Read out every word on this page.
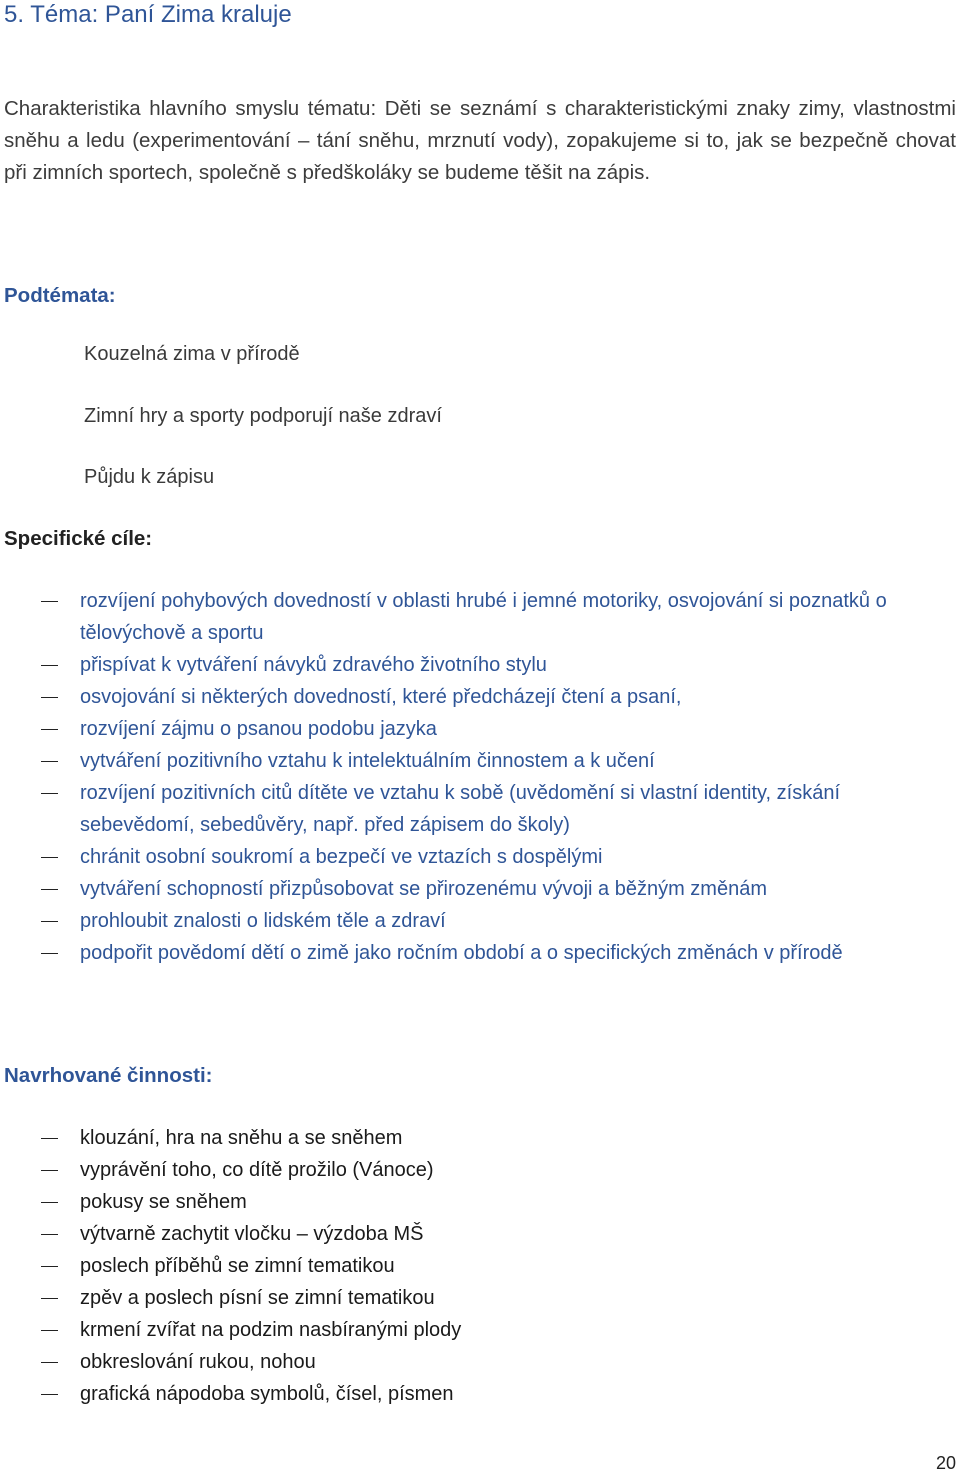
5. Téma: Paní Zima kraluje
Charakteristika hlavního smyslu tématu: Děti se seznámí s charakteristickými znaky zimy, vlastnostmi sněhu a ledu (experimentování – tání sněhu, mrznutí vody), zopakujeme si to, jak se bezpečně chovat při zimních sportech, společně s předškoláky se budeme těšit na zápis.
Podtémata:
Kouzelná zima v přírodě
Zimní hry a sporty podporují naše zdraví
Půjdu k zápisu
Specifické cíle:
rozvíjení pohybových dovedností v oblasti hrubé i jemné motoriky, osvojování si poznatků o tělovýchově a sportu
přispívat k vytváření návyků zdravého životního stylu
osvojování si některých dovedností, které předcházejí čtení a psaní,
rozvíjení zájmu o psanou podobu jazyka
vytváření pozitivního vztahu k intelektuálním činnostem a k učení
rozvíjení pozitivních citů dítěte ve vztahu k sobě (uvědomění si vlastní identity, získání sebevědomí, sebedůvěry, např. před zápisem do školy)
chránit osobní soukromí a bezpečí ve vztazích s dospělými
vytváření schopností přizpůsobovat se přirozenému vývoji a běžným změnám
prohloubit znalosti o lidském těle a zdraví
podpořit povědomí dětí o zimě jako ročním období a o specifických změnách v přírodě
Navrhované činnosti:
klouzání, hra na sněhu a se sněhem
vyprávění toho, co dítě prožilo (Vánoce)
pokusy se sněhem
výtvarně zachytit vločku – výzdoba MŠ
poslech příběhů se zimní tematikou
zpěv a poslech písní se zimní tematikou
krmení zvířat na podzim nasbíranými plody
obkreslování rukou, nohou
grafická nápodoba symbolů, čísel, písmen
20
